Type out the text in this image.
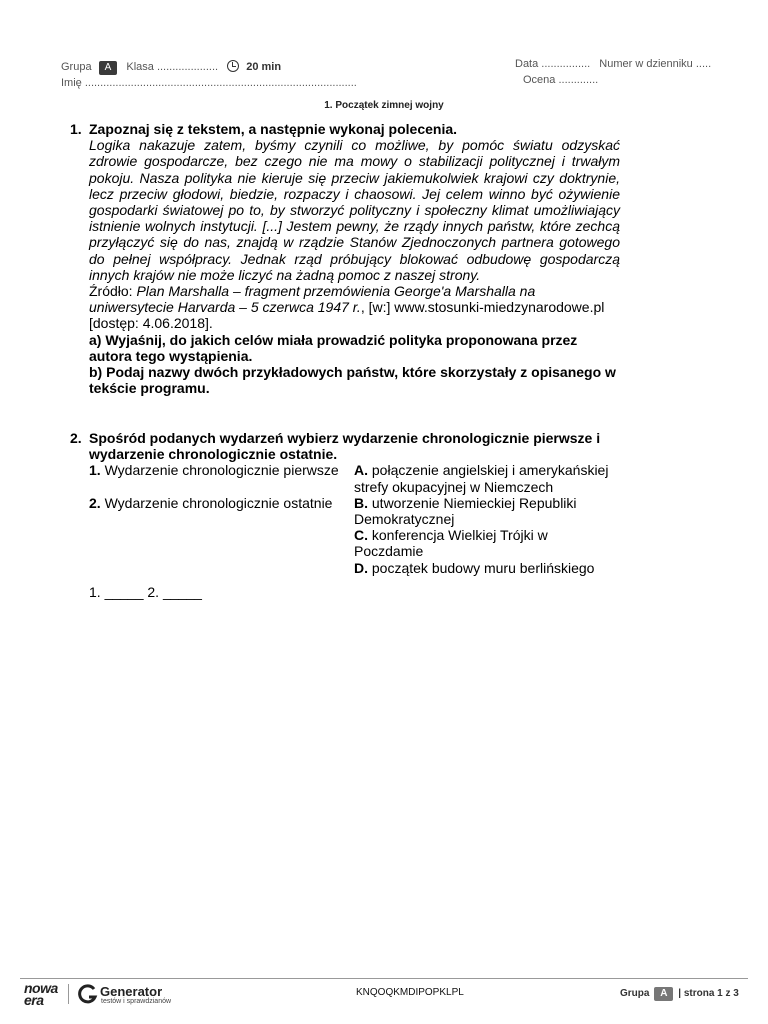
Grupa A Klasa ....................	20 min
Imię .........................................................................................
Data ................ Numer w dzienniku .....
Ocena .............
1. Początek zimnej wojny
1. Zapoznaj się z tekstem, a następnie wykonaj polecenia.
Logika nakazuje zatem, byśmy czynili co możliwe, by pomóc światu odzyskać zdrowie gospodarcze, bez czego nie ma mowy o stabilizacji politycznej i trwałym pokoju. Nasza polityka nie kieruje się przeciw jakiemukolwiek krajowi czy doktrynie, lecz przeciw głodowi, biedzie, rozpaczy i chaosowi. Jej celem winno być ożywienie gospodarki światowej po to, by stworzyć polityczny i społeczny klimat umożliwiający istnienie wolnych instytucji. [...] Jestem pewny, że rządy innych państw, które zechcą przyłączyć się do nas, znajdą w rządzie Stanów Zjednoczonych partnera gotowego do pełnej współpracy. Jednak rząd próbujący blokować odbudowę gospodarczą innych krajów nie może liczyć na żadną pomoc z naszej strony.
Źródło: Plan Marshalla – fragment przemówienia George'a Marshalla na uniwersytecie Harvarda – 5 czerwca 1947 r., [w:] www.stosunki-miedzynarodowe.pl [dostęp: 4.06.2018].
a) Wyjaśnij, do jakich celów miała prowadzić polityka proponowana przez autora tego wystąpienia.
b) Podaj nazwy dwóch przykładowych państw, które skorzystały z opisanego w tekście programu.
2. Spośród podanych wydarzeń wybierz wydarzenie chronologicznie pierwsze i wydarzenie chronologicznie ostatnie.
1. Wydarzenie chronologicznie pierwsze	A. połączenie angielskiej i amerykańskiej strefy okupacyjnej w Niemczech
2. Wydarzenie chronologicznie ostatnie	B. utworzenie Niemieckiej Republiki Demokratycznej
	C. konferencja Wielkiej Trójki w Poczdamie
	D. początek budowy muru berlińskiego
1. _____ 2. _____
nowa
era
Generator
testów i sprawdzianów
KNQOQKMDIPOPKLPL	Grupa A | strona 1 z 3
